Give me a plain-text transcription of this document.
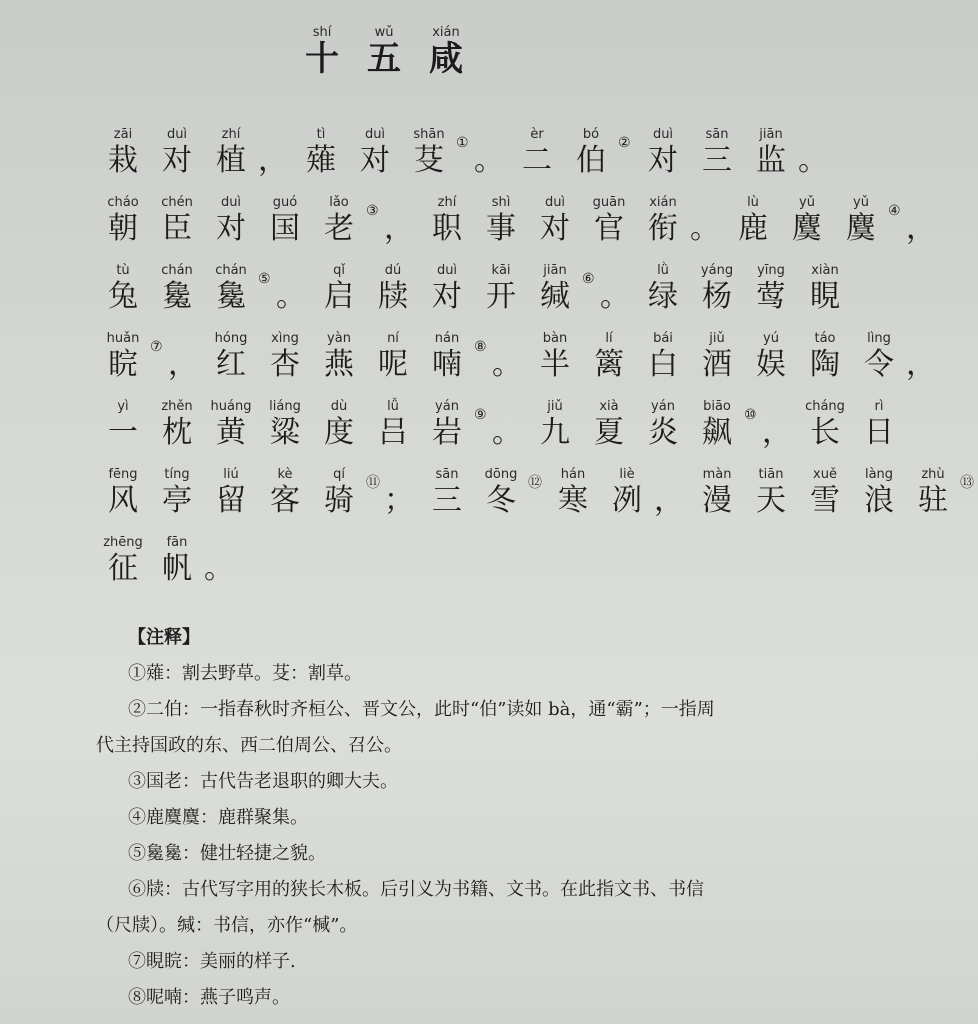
十shí五wǔ咸xián
zāi
栽
duì
对
zhí
植 ，
tì
薙
duì
对
shān
芟 ① 。
èr
二
bó
伯 ②
duì
对
sān
三
jiān
监 。
cháo
朝
chén
臣
duì
对
guó
国
lǎo
老 ③ ，
zhí
职
shì
事
duì
对
guān
官
xián
衔 。
lù
鹿
yǔ
麌
yǔ
麌 ④ ，
tù
兔
chán
毚
chán
毚 ⑤ 。
qǐ
启
dú
牍
duì
对
kāi
开
jiān
缄 ⑥ 。
lǜ
绿
yáng
杨
yīng
莺
xiàn
睍
huǎn
睆 ⑦ ，
hóng
红
xìng
杏
yàn
燕
ní
呢
nán
喃 ⑧ 。
bàn
半
lí
篱
bái
白
jiǔ
酒
yú
娱
táo
陶
lìng
令 ，
yì
一
zhěn
枕
huáng
黄
liáng
粱
dù
度
lǚ
吕
yán
岩 ⑨ 。
jiǔ
九
xià
夏
yán
炎
biāo
飙 ⑩ ，
cháng
长
rì
日
fēng
风
tíng
亭
liú
留
kè
客
qí
骑 ⑪ ；
sān
三
dōng
冬 ⑫
hán
寒
liè
冽 ，
màn
漫
tiān
天
xuě
雪
làng
浪
zhù
驻 ⑬
zhēng
征
fān
帆 。
【注释】

①薙：割去野草。芟：割草。

②二伯：一指春秋时齐桓公、晋文公，此时“伯”读如 bà，通“霸”；一指周代主持国政的东、西二伯周公、召公。

③国老：古代告老退职的卿大夫。

④鹿麌麌：鹿群聚集。

⑤毚毚：健壮轻捷之貌。

⑥牍：古代写字用的狭长木板。后引义为书籍、文书。在此指文书、书信（尺牍）。缄：书信，亦作“椷”。

⑦睍睆：美丽的样子.

⑧呢喃：燕子鸣声。
